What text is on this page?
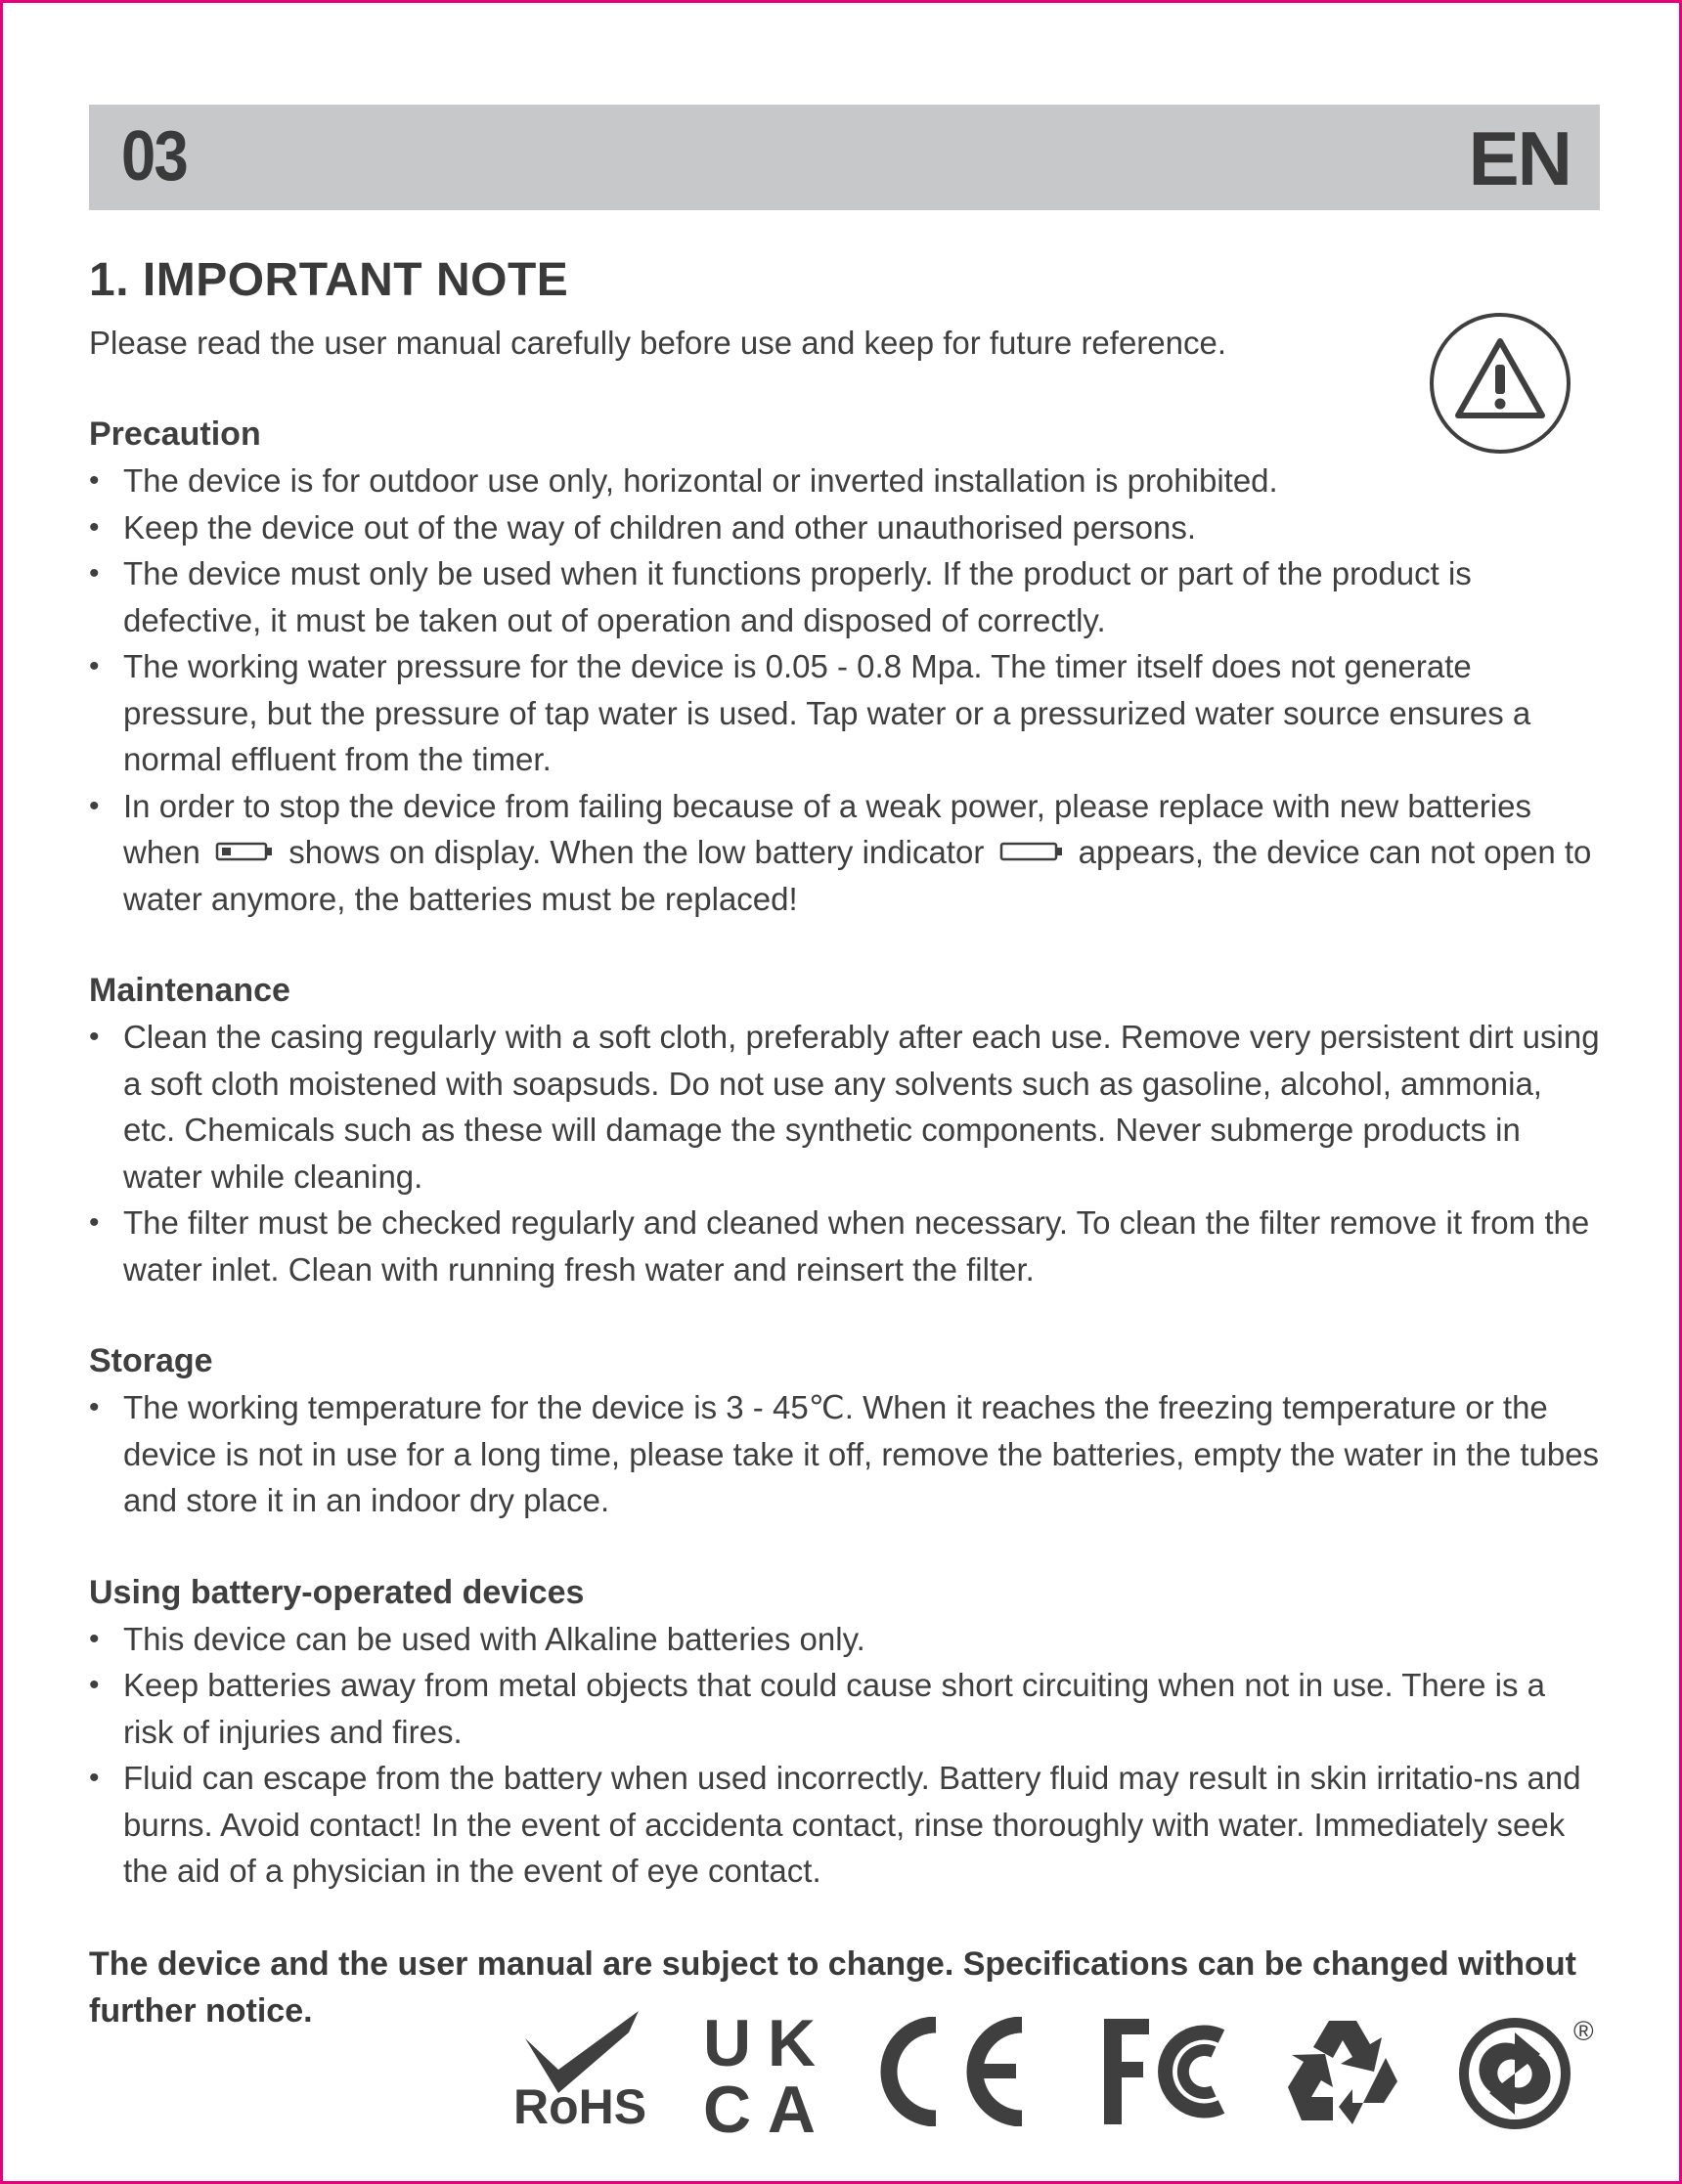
03	EN
1. IMPORTANT NOTE

Please read the user manual carefully before use and keep for future reference.

Precaution

• The device is for outdoor use only, horizontal or inverted installation is prohibited.
• Keep the device out of the way of children and other unauthorised persons.
• The device must only be used when it functions properly. If the product or part of the product is defective, it must be taken out of operation and disposed of correctly.
• The working water pressure for the device is 0.05 - 0.8 Mpa. The timer itself does not generate pressure, but the pressure of tap water is used. Tap water or a pressurized water source ensures a normal effluent from the timer.
• In order to stop the device from failing because of a weak power, please replace with new batteries when	shows on display. When the low battery indicator	appears, the device can not open to water anymore, the batteries must be replaced!

Maintenance

• Clean the casing regularly with a soft cloth, preferably after each use. Remove very persistent dirt using a soft cloth moistened with soapsuds. Do not use any solvents such as gasoline, alcohol, ammonia, etc. Chemicals such as these will damage the synthetic components. Never submerge products in water while cleaning.
• The filter must be checked regularly and cleaned when necessary. To clean the filter remove it from the water inlet. Clean with running fresh water and reinsert the filter.

Storage

• The working temperature for the device is 3 - 45℃. When it reaches the freezing temperature or the device is not in use for a long time, please take it off, remove the batteries, empty the water in the tubes and store it in an indoor dry place.

Using battery-operated devices

• This device can be used with Alkaline batteries only.
• Keep batteries away from metal objects that could cause short circuiting when not in use. There is a risk of injuries and fires.
• Fluid can escape from the battery when used incorrectly. Battery fluid may result in skin irritatio-ns and burns. Avoid contact! In the event of accidenta contact, rinse thoroughly with water. Immediately seek the aid of a physician in the event of eye contact.

The device and the user manual are subject to change. Specifications can be changed without further notice.

RoHS
UK
CA
®
